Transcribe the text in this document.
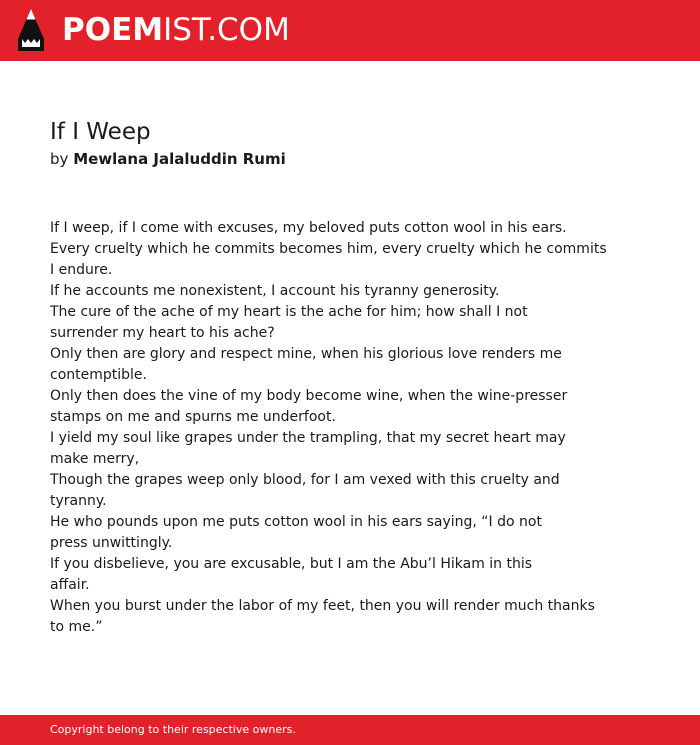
POEMIST.COM
If I Weep
by Mewlana Jalaluddin Rumi
If I weep, if I come with excuses, my beloved puts cotton wool in his ears.
Every cruelty which he commits becomes him, every cruelty which he commits
I endure.
If he accounts me nonexistent, I account his tyranny generosity.
The cure of the ache of my heart is the ache for him; how shall I not
surrender my heart to his ache?
Only then are glory and respect mine, when his glorious love renders me
contemptible.
Only then does the vine of my body become wine, when the wine-presser
stamps on me and spurns me underfoot.
I yield my soul like grapes under the trampling, that my secret heart may
make merry,
Though the grapes weep only blood, for I am vexed with this cruelty and
tyranny.
He who pounds upon me puts cotton wool in his ears saying, “I do not
press unwittingly.
If you disbelieve, you are excusable, but I am the Abu’l Hikam in this
affair.
When you burst under the labor of my feet, then you will render much thanks
to me.”
Copyright belong to their respective owners.
